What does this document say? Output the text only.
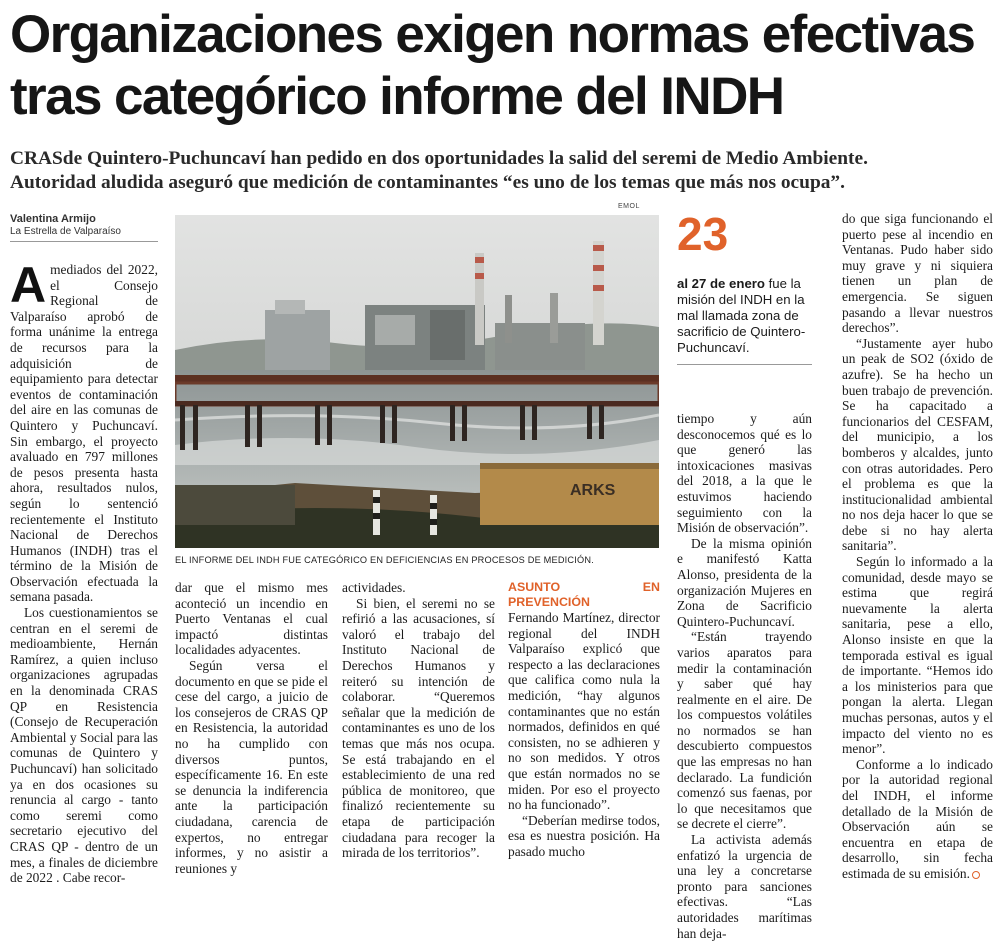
Organizaciones exigen normas efectivas
tras categórico informe del INDH
CRASde Quintero-Puchuncaví han pedido en dos oportunidades la salid del seremi de Medio Ambiente.
Autoridad aludida aseguró que medición de contaminantes “es uno de los temas que más nos ocupa”.
Valentina Armijo
La Estrella de Valparaíso

Amediados del 2022, el Consejo Regional de Valparaíso aprobó de forma unánime la entrega de recursos para la adquisición de equipamiento para detectar eventos de contaminación del aire en las comunas de Quintero y Puchuncaví. Sin embargo, el proyecto avaluado en 797 millones de pesos presenta hasta ahora, resultados nulos, según lo sentenció recientemente el Instituto Nacional de Derechos Humanos (INDH) tras el término de la Misión de Observación efectuada la semana pasada.

Los cuestionamientos se centran en el seremi de medioambiente, Hernán Ramírez, a quien incluso organizaciones agrupadas en la denominada CRAS QP en Resistencia (Consejo de Recuperación Ambiental y Social para las comunas de Quintero y Puchuncaví) han solicitado ya en dos ocasiones su renuncia al cargo - tanto como seremi como secretario ejecutivo del CRAS QP - dentro de un mes, a finales de diciembre de 2022 . Cabe recor-

EMOL
ARKS
EL INFORME DEL INDH FUE CATEGÓRICO EN DEFICIENCIAS EN PROCESOS DE MEDICIÓN.
23
al 27 de enero fue la misión del INDH en la mal llamada zona de sacrificio de Quintero-Puchuncaví.

dar que el mismo mes aconteció un incendio en Puerto Ventanas el cual impactó distintas localidades adyacentes.

Según versa el documento en que se pide el cese del cargo, a juicio de los consejeros de CRAS QP en Resistencia, la autoridad no ha cumplido con diversos puntos, específicamente 16. En este se denuncia la indiferencia ante la participación ciudadana, carencia de expertos, no entregar informes, y no asistir a reuniones y

actividades.

Si bien, el seremi no se refirió a las acusaciones, sí valoró el trabajo del Instituto Nacional de Derechos Humanos y reiteró su intención de colaborar. “Queremos señalar que la medición de contaminantes es uno de los temas que más nos ocupa. Se está trabajando en el establecimiento de una red pública de monitoreo, que finalizó recientemente su etapa de participación ciudadana para recoger la mirada de los territorios”.

ASUNTO EN PREVENCIÓN

Fernando Martínez, director regional del INDH Valparaíso explicó que respecto a las declaraciones que califica como nula la medición, “hay algunos contaminantes que no están normados, definidos en qué consisten, no se adhieren y no son medidos. Y otros que están normados no se miden. Por eso el proyecto no ha funcionado”.

“Deberían medirse todos, esa es nuestra posición. Ha pasado mucho

tiempo y aún desconocemos qué es lo que generó las intoxicaciones masivas del 2018, a la que le estuvimos haciendo seguimiento con la Misión de observación”.

De la misma opinión e manifestó Katta Alonso, presidenta de la organización Mujeres en Zona de Sacrificio Quintero-Puchuncaví.

“Están trayendo varios aparatos para medir la contaminación y saber qué hay realmente en el aire. De los compuestos volátiles no normados se han descubierto compuestos que las empresas no han declarado. La fundición comenzó sus faenas, por lo que necesitamos que se decrete el cierre”.

La activista además enfatizó la urgencia de una ley a concretarse pronto para sanciones efectivas. “Las autoridades marítimas han deja-

do que siga funcionando el puerto pese al incendio en Ventanas. Pudo haber sido muy grave y ni siquiera tienen un plan de emergencia. Se siguen pasando a llevar nuestros derechos”.

“Justamente ayer hubo un peak de SO2 (óxido de azufre). Se ha hecho un buen trabajo de prevención. Se ha capacitado a funcionarios del CESFAM, del municipio, a los bomberos y alcaldes, junto con otras autoridades. Pero el problema es que la institucionalidad ambiental no nos deja hacer lo que se debe si no hay alerta sanitaria”.

Según lo informado a la comunidad, desde mayo se estima que regirá nuevamente la alerta sanitaria, pese a ello, Alonso insiste en que la temporada estival es igual de importante. “Hemos ido a los ministerios para que pongan la alerta. Llegan muchas personas, autos y el impacto del viento no es menor”.

Conforme a lo indicado por la autoridad regional del INDH, el informe detallado de la Misión de Observación aún se encuentra en etapa de desarrollo, sin fecha estimada de su emisión.
